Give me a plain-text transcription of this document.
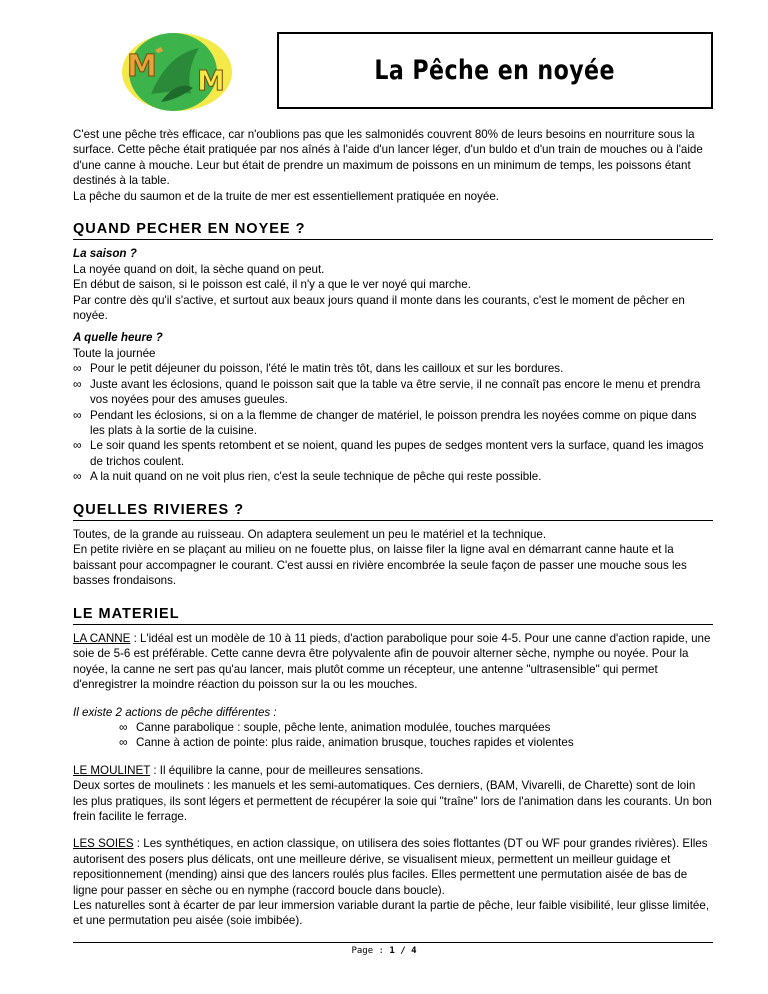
M M	La Pêche en noyée

C'est une pêche très efficace, car n'oublions pas que les salmonidés couvrent 80% de leurs besoins en nourriture sous la surface. Cette pêche était pratiquée par nos aînés à l'aide d'un lancer léger, d'un buldo et d'un train de mouches ou à l'aide d'une canne à mouche. Leur but était de prendre un maximum de poissons en un minimum de temps, les poissons étant destinés à la table.

La pêche du saumon et de la truite de mer est essentiellement pratiquée en noyée.

QUAND PECHER EN NOYEE ?

La saison ?

La noyée quand on doit, la sèche quand on peut.

En début de saison, si le poisson est calé, il n'y a que le ver noyé qui marche.

Par contre dès qu'il s'active, et surtout aux beaux jours quand il monte dans les courants, c'est le moment de pêcher en noyée.

A quelle heure ?

Toute la journée

∞ Pour le petit déjeuner du poisson, l'été le matin très tôt, dans les cailloux et sur les bordures.
∞ Juste avant les éclosions, quand le poisson sait que la table va être servie, il ne connaît pas encore le menu et prendra vos noyées pour des amuses gueules.
∞ Pendant les éclosions, si on a la flemme de changer de matériel, le poisson prendra les noyées comme on pique dans les plats à la sortie de la cuisine.
∞ Le soir quand les spents retombent et se noient, quand les pupes de sedges montent vers la surface, quand les imagos de trichos coulent.
∞ A la nuit quand on ne voit plus rien, c'est la seule technique de pêche qui reste possible.
QUELLES RIVIERES ?

Toutes, de la grande au ruisseau. On adaptera seulement un peu le matériel et la technique.

En petite rivière en se plaçant au milieu on ne fouette plus, on laisse filer la ligne aval en démarrant canne haute et la baissant pour accompagner le courant. C'est aussi en rivière encombrée la seule façon de passer une mouche sous les basses frondaisons.

LE MATERIEL

LA CANNE : L'idéal est un modèle de 10 à 11 pieds, d'action parabolique pour soie 4-5. Pour une canne d'action rapide, une soie de 5-6 est préférable. Cette canne devra être polyvalente afin de pouvoir alterner sèche, nymphe ou noyée. Pour la noyée, la canne ne sert pas qu'au lancer, mais plutôt comme un récepteur, une antenne "ultrasensible" qui permet d'enregistrer la moindre réaction du poisson sur la ou les mouches.

Il existe 2 actions de pêche différentes :

∞ Canne parabolique : souple, pêche lente, animation modulée, touches marquées
∞ Canne à action de pointe: plus raide, animation brusque, touches rapides et violentes

LE MOULINET : Il équilibre la canne, pour de meilleures sensations.

Deux sortes de moulinets : les manuels et les semi-automatiques. Ces derniers, (BAM, Vivarelli, de Charette) sont de loin les plus pratiques, ils sont légers et permettent de récupérer la soie qui "traîne" lors de l'animation dans les courants. Un bon frein facilite le ferrage.

LES SOIES : Les synthétiques, en action classique, on utilisera des soies flottantes (DT ou WF pour grandes rivières). Elles autorisent des posers plus délicats, ont une meilleure dérive, se visualisent mieux, permettent un meilleur guidage et repositionnement (mending) ainsi que des lancers roulés plus faciles. Elles permettent une permutation aisée de bas de ligne pour passer en sèche ou en nymphe (raccord boucle dans boucle).

Les naturelles sont à écarter de par leur immersion variable durant la partie de pêche, leur faible visibilité, leur glisse limitée, et une permutation peu aisée (soie imbibée).

Page : 1 / 4
